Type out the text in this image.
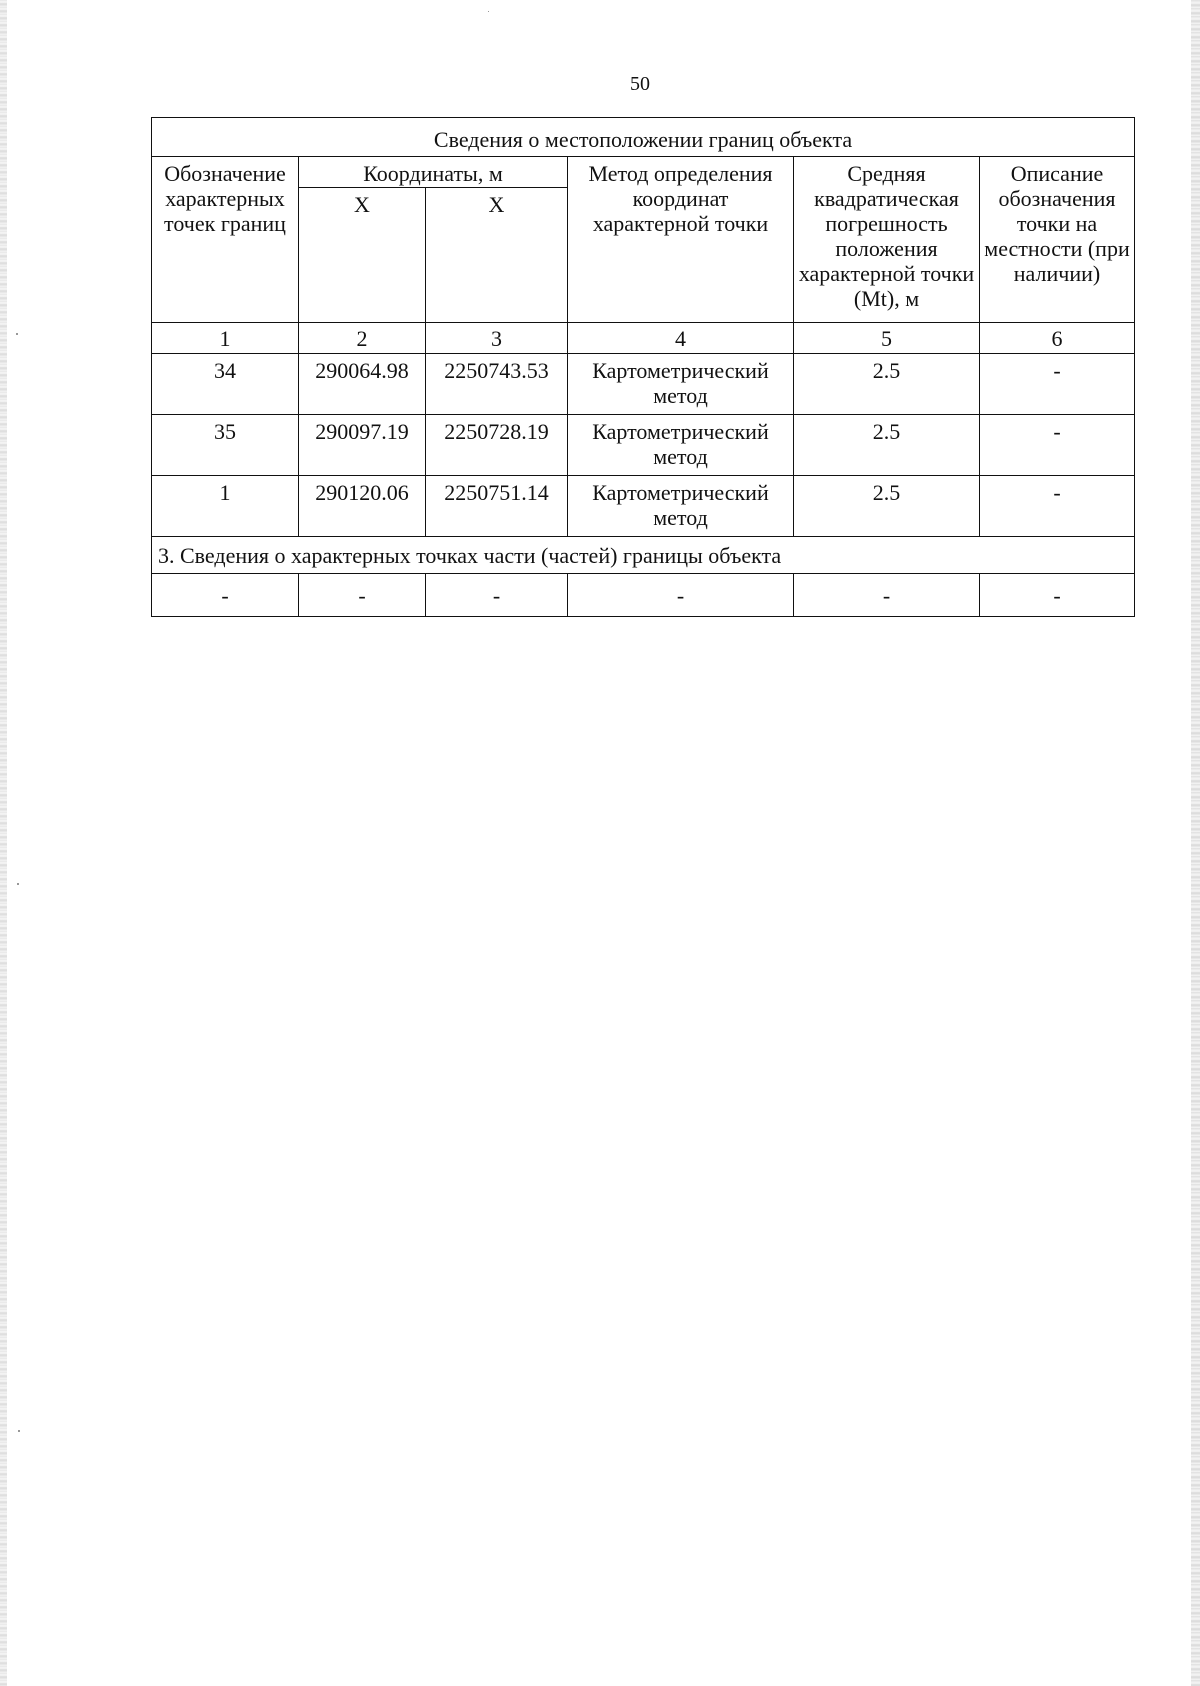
50
Сведения о местоположении границ объекта					
Обозначение характерных точек границ	Координаты, м		Метод определения координат характерной точки	Средняя квадратическая погрешность положения характерной точки (Mt), м	Описание обозначения точки на местности (при наличии)
	X	X			
1	2	3	4	5	6
34	290064.98	2250743.53	Картометрический метод	2.5	-
35	290097.19	2250728.19	Картометрический метод	2.5	-
1	290120.06	2250751.14	Картометрический метод	2.5	-
3. Сведения о характерных точках части (частей) границы объекта					
-	-	-	-	-	-
